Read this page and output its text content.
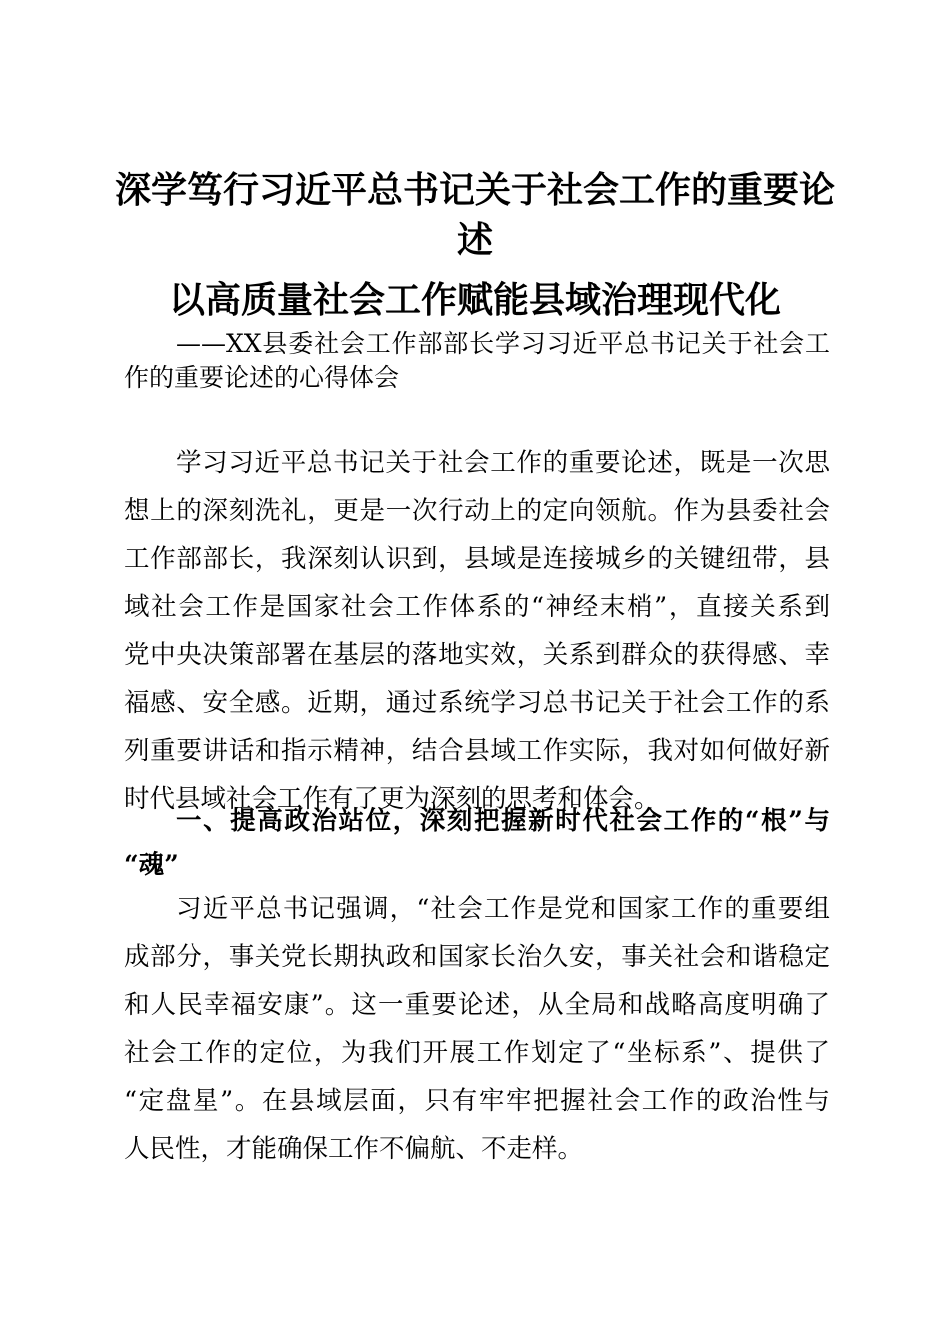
深学笃行习近平总书记关于社会工作的重要论
述
以高质量社会工作赋能县域治理现代化
——XX县委社会工作部部长学习习近平总书记关于社会工
作的重要论述的心得体会
学习习近平总书记关于社会工作的重要论述，既是一次思
想上的深刻洗礼，更是一次行动上的定向领航。作为县委社会
工作部部长，我深刻认识到，县域是连接城乡的关键纽带，县
域社会工作是国家社会工作体系的“神经末梢”，直接关系到
党中央决策部署在基层的落地实效，关系到群众的获得感、幸
福感、安全感。近期，通过系统学习总书记关于社会工作的系
列重要讲话和指示精神，结合县域工作实际，我对如何做好新
时代县域社会工作有了更为深刻的思考和体会。
一、提高政治站位，深刻把握新时代社会工作的“根”与
“魂”
习近平总书记强调，“社会工作是党和国家工作的重要组
成部分，事关党长期执政和国家长治久安，事关社会和谐稳定
和人民幸福安康”。这一重要论述，从全局和战略高度明确了
社会工作的定位，为我们开展工作划定了“坐标系”、提供了
“定盘星”。在县域层面，只有牢牢把握社会工作的政治性与
人民性，才能确保工作不偏航、不走样。
